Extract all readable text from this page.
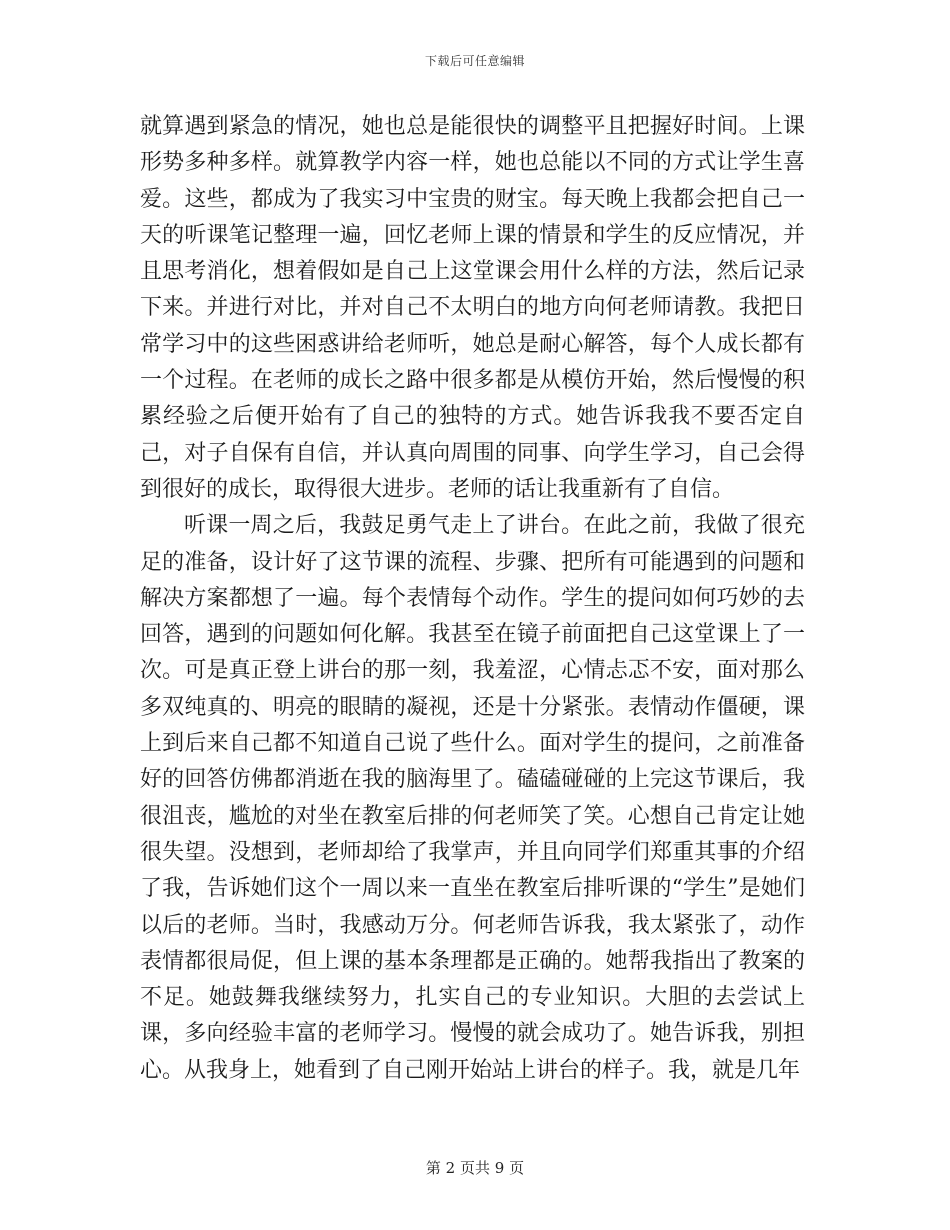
下载后可任意编辑

就算遇到紧急的情况，她也总是能很快的调整平且把握好时间。上课形势多种多样。就算教学内容一样，她也总能以不同的方式让学生喜爱。这些，都成为了我实习中宝贵的财宝。每天晚上我都会把自己一天的听课笔记整理一遍，回忆老师上课的情景和学生的反应情况，并且思考消化，想着假如是自己上这堂课会用什么样的方法，然后记录下来。并进行对比，并对自己不太明白的地方向何老师请教。我把日常学习中的这些困惑讲给老师听，她总是耐心解答，每个人成长都有一个过程。在老师的成长之路中很多都是从模仿开始，然后慢慢的积累经验之后便开始有了自己的独特的方式。她告诉我我不要否定自己，对子自保有自信，并认真向周围的同事、向学生学习，自己会得到很好的成长，取得很大进步。老师的话让我重新有了自信。

听课一周之后，我鼓足勇气走上了讲台。在此之前，我做了很充足的准备，设计好了这节课的流程、步骤、把所有可能遇到的问题和解决方案都想了一遍。每个表情每个动作。学生的提问如何巧妙的去回答，遇到的问题如何化解。我甚至在镜子前面把自己这堂课上了一次。可是真正登上讲台的那一刻，我羞涩，心情忐忑不安，面对那么多双纯真的、明亮的眼睛的凝视，还是十分紧张。表情动作僵硬，课上到后来自己都不知道自己说了些什么。面对学生的提问，之前准备好的回答仿佛都消逝在我的脑海里了。磕磕碰碰的上完这节课后，我很沮丧，尴尬的对坐在教室后排的何老师笑了笑。心想自己肯定让她很失望。没想到，老师却给了我掌声，并且向同学们郑重其事的介绍了我，告诉她们这个一周以来一直坐在教室后排听课的“学生”是她们以后的老师。当时，我感动万分。何老师告诉我，我太紧张了，动作表情都很局促，但上课的基本条理都是正确的。她帮我指出了教案的不足。她鼓舞我继续努力，扎实自己的专业知识。大胆的去尝试上课，多向经验丰富的老师学习。慢慢的就会成功了。她告诉我，别担心。从我身上，她看到了自己刚开始站上讲台的样子。我，就是几年

第 2 页共 9 页
